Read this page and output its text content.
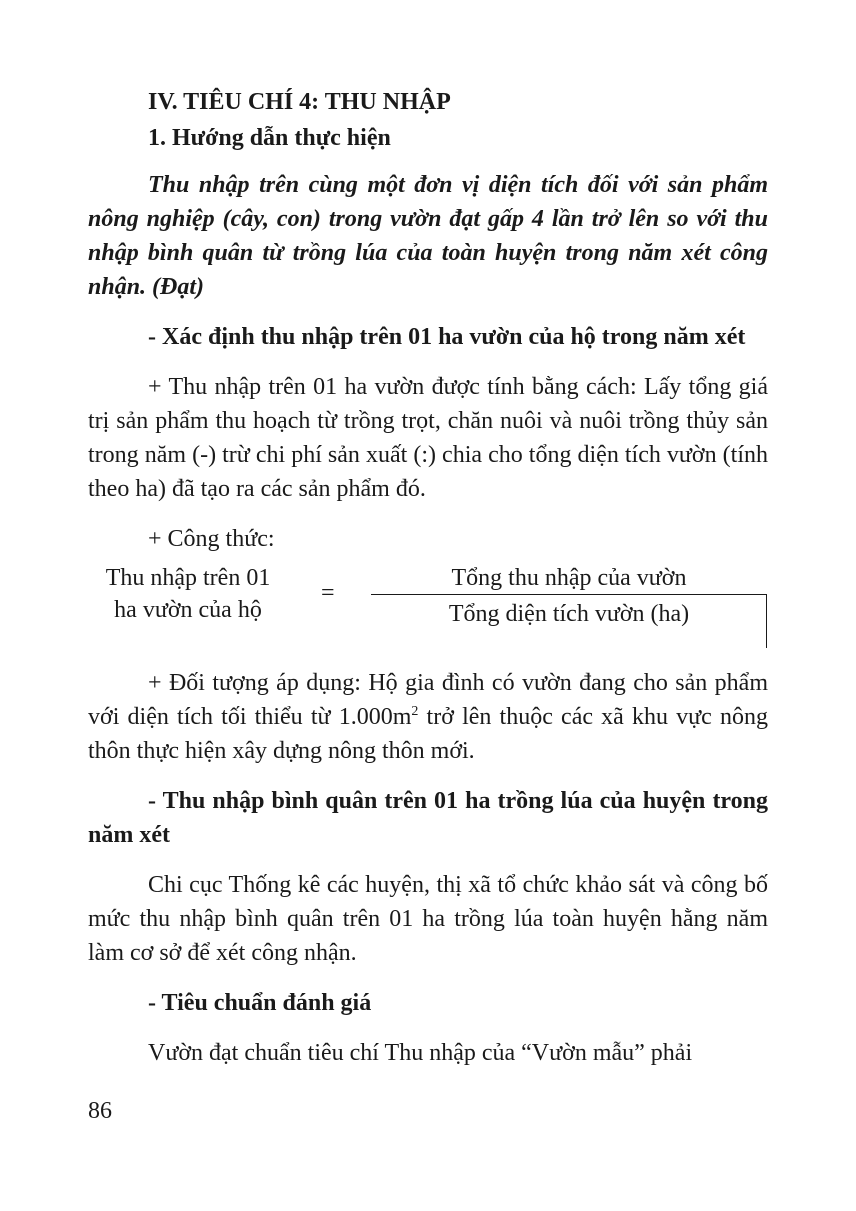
IV. TIÊU CHÍ 4: THU NHẬP
1. Hướng dẫn thực hiện
Thu nhập trên cùng một đơn vị diện tích đối với sản phẩm nông nghiệp (cây, con) trong vườn đạt gấp 4 lần trở lên so với thu nhập bình quân từ trồng lúa của toàn huyện trong năm xét công nhận. (Đạt)
- Xác định thu nhập trên 01 ha vườn của hộ trong năm xét
+ Thu nhập trên 01 ha vườn được tính bằng cách: Lấy tổng giá trị sản phẩm thu hoạch từ trồng trọt, chăn nuôi và nuôi trồng thủy sản trong năm (-) trừ chi phí sản xuất (:) chia cho tổng diện tích vườn (tính theo ha) đã tạo ra các sản phẩm đó.
+ Công thức:
Thu nhập trên 01
ha vườn của hộ
=
Tổng thu nhập của vườn
Tổng diện tích vườn (ha)
+ Đối tượng áp dụng: Hộ gia đình có vườn đang cho sản phẩm với diện tích tối thiểu từ $1.000m^2$ trở lên thuộc các xã khu vực nông thôn thực hiện xây dựng nông thôn mới.
- Thu nhập bình quân trên 01 ha trồng lúa của huyện trong năm xét
Chi cục Thống kê các huyện, thị xã tổ chức khảo sát và công bố mức thu nhập bình quân trên 01 ha trồng lúa toàn huyện hằng năm làm cơ sở để xét công nhận.
- Tiêu chuẩn đánh giá
Vườn đạt chuẩn tiêu chí Thu nhập của “Vườn mẫu” phải
86
